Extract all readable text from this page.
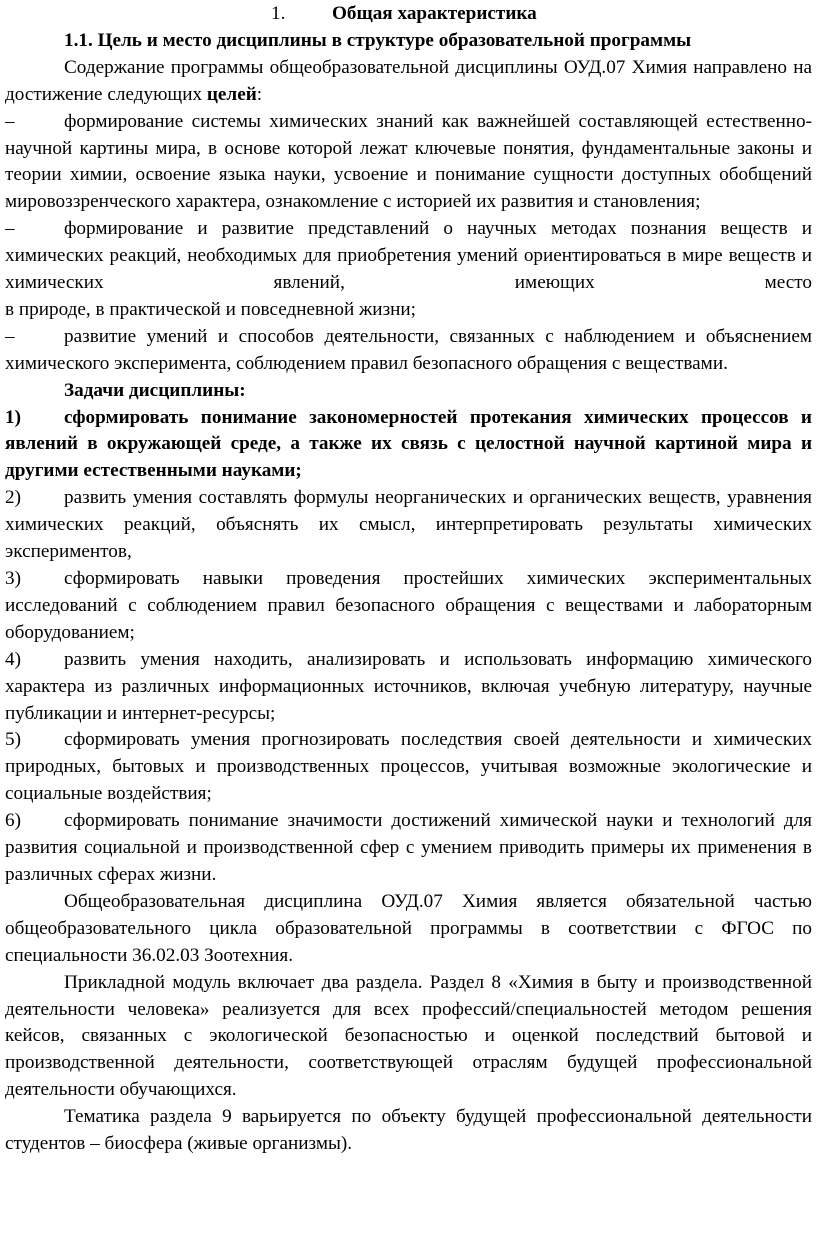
1. Общая характеристика

1.1. Цель и место дисциплины в структуре образовательной программы

Содержание программы общеобразовательной дисциплины ОУД.07 Химия направлено на достижение следующих целей:

–	формирование системы химических знаний как важнейшей составляющей естественно-научной картины мира, в основе которой лежат ключевые понятия, фундаментальные законы и теории химии, освоение языка науки, усвоение и понимание сущности доступных обобщений мировоззренческого характера, ознакомление с историей их развития и становления;

–	формирование и развитие представлений о научных методах познания веществ и химических реакций, необходимых для приобретения умений ориентироваться в мире веществ и химических явлений, имеющих место

в природе, в практической и повседневной жизни;

–	развитие умений и способов деятельности, связанных с наблюдением и объяснением химического эксперимента, соблюдением правил безопасного обращения с веществами.

Задачи дисциплины:

1) сформировать понимание закономерностей протекания химических процессов и явлений в окружающей среде, а также их связь с целостной научной картиной мира и другими естественными науками;

2) развить умения составлять формулы неорганических и органических веществ, уравнения химических реакций, объяснять их смысл, интерпретировать результаты химических экспериментов,

3) сформировать навыки проведения простейших химических экспериментальных исследований с соблюдением правил безопасного обращения с веществами и лабораторным оборудованием;

4) развить умения находить, анализировать и использовать информацию химического характера из различных информационных источников, включая учебную литературу, научные публикации и интернет-ресурсы;

5) сформировать умения прогнозировать последствия своей деятельности и химических природных, бытовых и производственных процессов, учитывая возможные экологические и социальные воздействия;

6) сформировать понимание значимости достижений химической науки и технологий для развития социальной и производственной сфер с умением приводить примеры их применения в различных сферах жизни.

Общеобразовательная дисциплина ОУД.07 Химия является обязательной частью общеобразовательного цикла образовательной программы в соответствии с ФГОС по специальности 36.02.03 Зоотехния.

Прикладной модуль включает два раздела. Раздел 8 «Химия в быту и производственной деятельности человека» реализуется для всех профессий/специальностей методом решения кейсов, связанных с экологической безопасностью и оценкой последствий бытовой и производственной деятельности, соответствующей отраслям будущей профессиональной деятельности обучающихся.

Тематика раздела 9 варьируется по объекту будущей профессиональной деятельности студентов – биосфера (живые организмы).
